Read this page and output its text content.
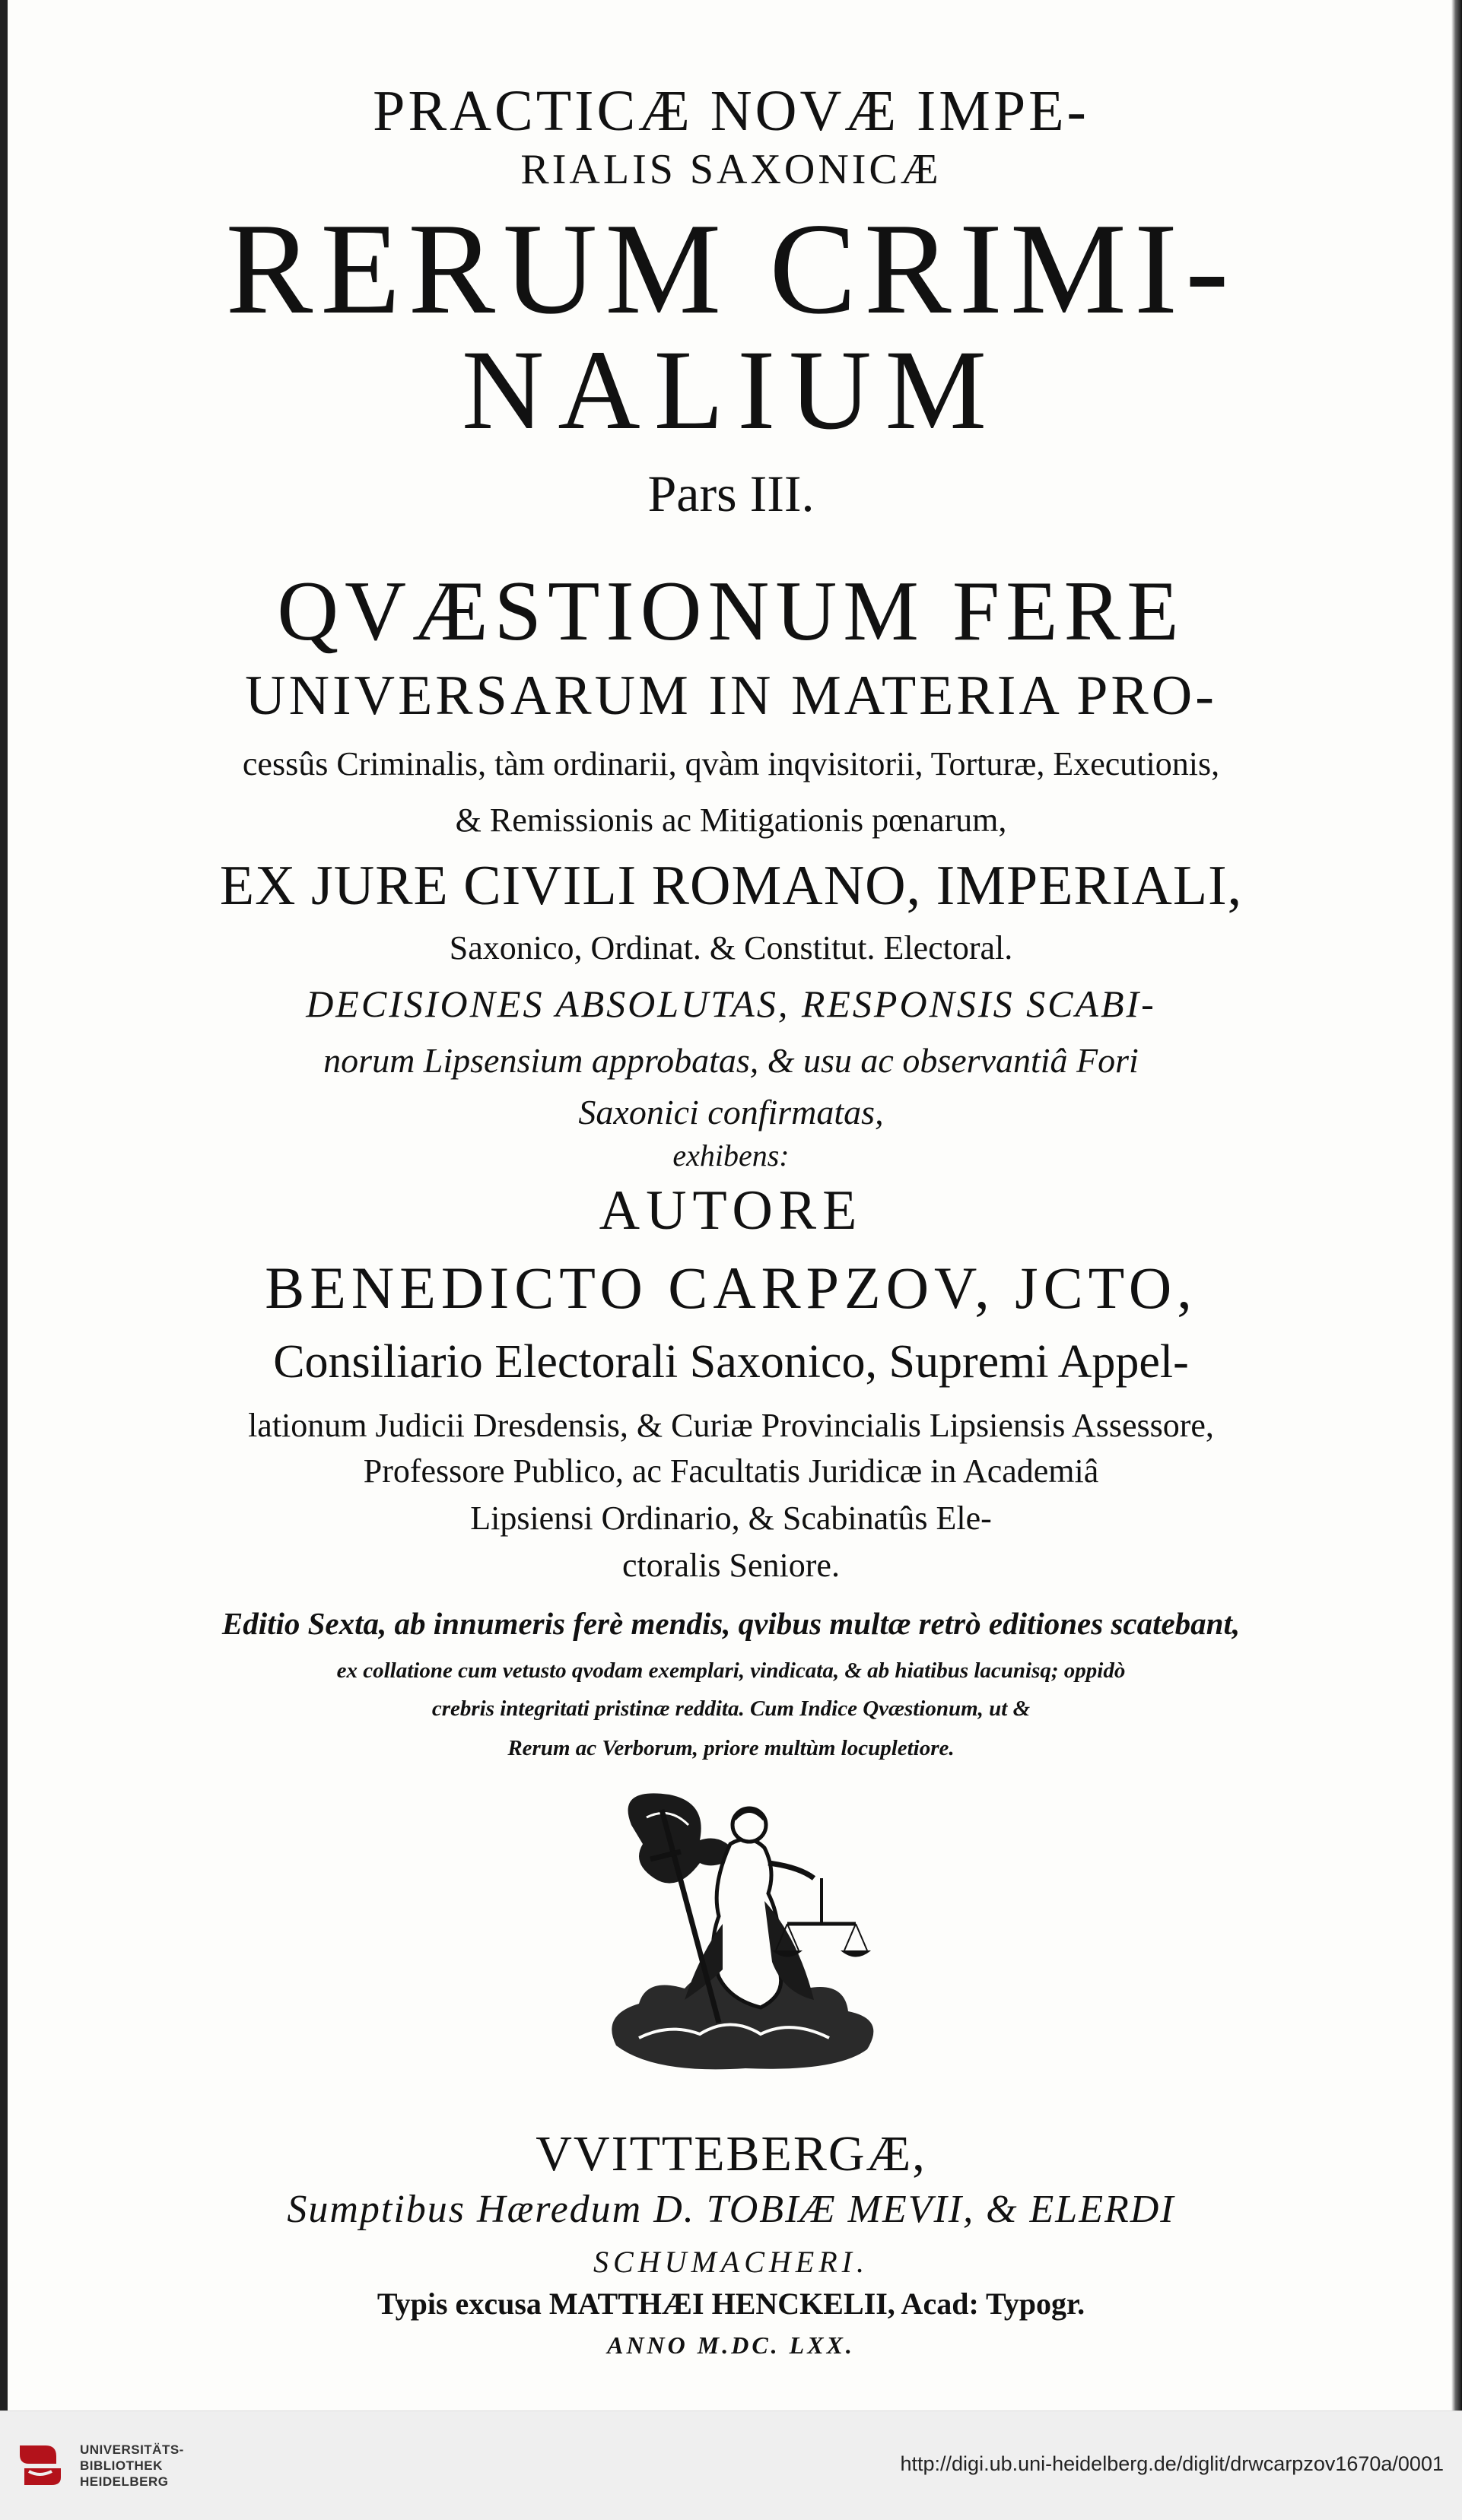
PRACTICÆ NOVÆ IMPE-
RIALIS SAXONICÆ
RERUM CRIMI-
NALIUM
Pars III.
QVÆSTIONUM FERE
UNIVERSARUM IN MATERIA PRO-
cessûs Criminalis, tàm ordinarii, qvàm inqvisitorii, Torturæ, Executionis,
& Remissionis ac Mitigationis pœnarum,
EX JURE CIVILI ROMANO, IMPERIALI,
Saxonico, Ordinat. & Constitut. Electoral.
DECISIONES ABSOLUTAS, RESPONSIS SCABI-
norum Lipsensium approbatas, & usu ac observantiâ Fori
Saxonici confirmatas,
exhibens:
AUTORE
BENEDICTO CARPZOV, JCTO,
Consiliario Electorali Saxonico, Supremi Appel-
lationum Judicii Dresdensis, & Curiæ Provincialis Lipsiensis Assessore,
Professore Publico, ac Facultatis Juridicæ in Academiâ
Lipsiensi Ordinario, & Scabinatûs Ele-
ctoralis Seniore.
Editio Sexta, ab innumeris ferè mendis, qvibus multæ retrò editiones scatebant,
ex collatione cum vetusto qvodam exemplari, vindicata, & ab hiatibus lacunisq; oppidò
crebris integritati pristinæ reddita. Cum Indice Qvæstionum, ut &
Rerum ac Verborum, priore multùm locupletiore.
VVITTEBERGÆ,
Sumptibus Hæredum D. TOBIÆ MEVII, & ELERDI
SCHUMACHERI.
Typis excusa MATTHÆI HENCKELII, Acad: Typogr.
ANNO M.DC. LXX.
UNIVERSITÄTS-
BIBLIOTHEK
HEIDELBERG
http://digi.ub.uni-heidelberg.de/diglit/drwcarpzov1670a/0001
